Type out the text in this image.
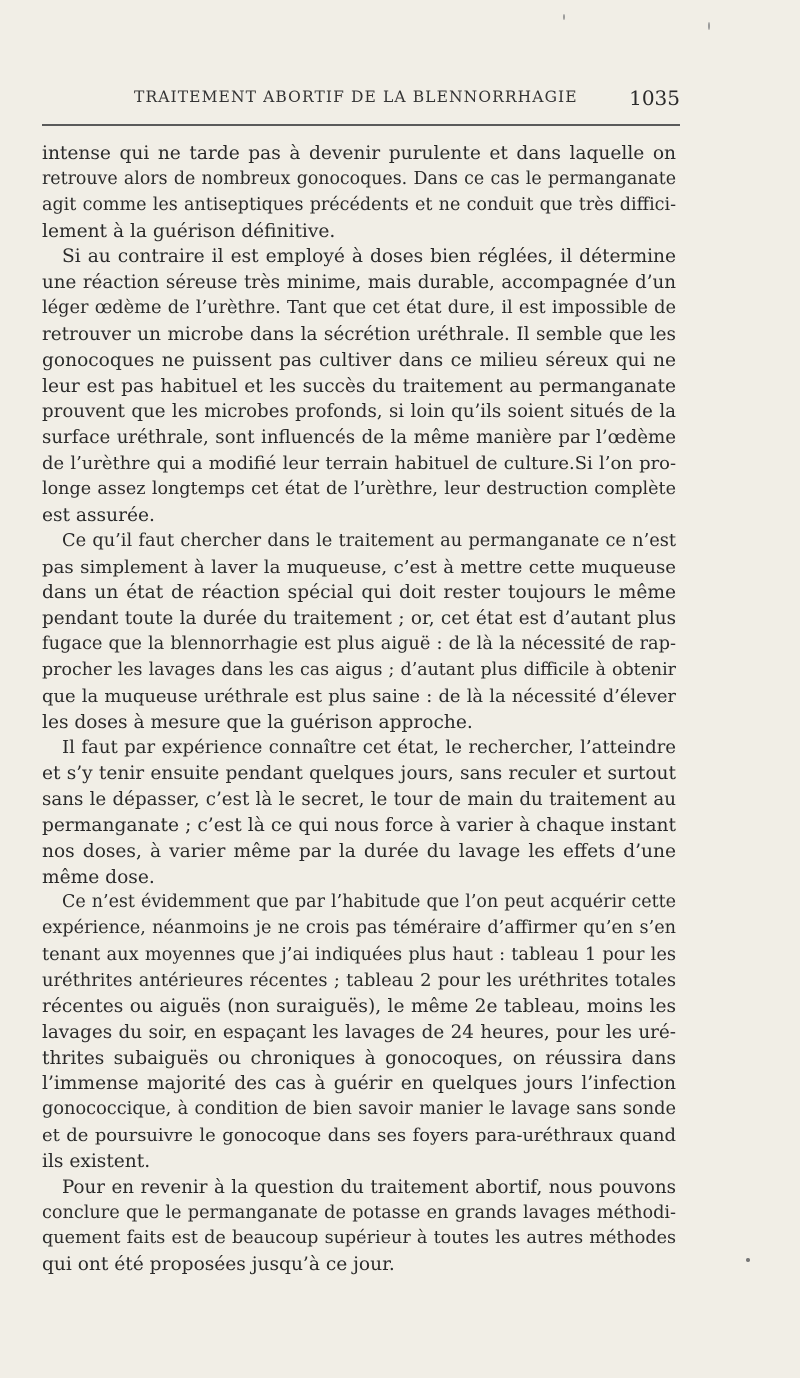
TRAITEMENT ABORTIF DE LA BLENNORRHAGIE	1035
intense qui ne tarde pas à devenir purulente et dans laquelle on
retrouve alors de nombreux gonocoques. Dans ce cas le permanganate
agit comme les antiseptiques précédents et ne conduit que très diffici-
lement à la guérison définitive.
Si au contraire il est employé à doses bien réglées, il détermine
une réaction séreuse très minime, mais durable, accompagnée d’un
léger œdème de l’urèthre. Tant que cet état dure, il est impossible de
retrouver un microbe dans la sécrétion uréthrale. Il semble que les
gonocoques ne puissent pas cultiver dans ce milieu séreux qui ne
leur est pas habituel et les succès du traitement au permanganate
prouvent que les microbes profonds, si loin qu’ils soient situés de la
surface uréthrale, sont influencés de la même manière par l’œdème
de l’urèthre qui a modifié leur terrain habituel de culture.Si l’on pro-
longe assez longtemps cet état de l’urèthre, leur destruction complète
est assurée.
Ce qu’il faut chercher dans le traitement au permanganate ce n’est
pas simplement à laver la muqueuse, c’est à mettre cette muqueuse
dans un état de réaction spécial qui doit rester toujours le même
pendant toute la durée du traitement ; or, cet état est d’autant plus
fugace que la blennorrhagie est plus aiguë : de là la nécessité de rap-
procher les lavages dans les cas aigus ; d’autant plus difficile à obtenir
que la muqueuse uréthrale est plus saine : de là la nécessité d’élever
les doses à mesure que la guérison approche.
Il faut par expérience connaître cet état, le rechercher, l’atteindre
et s’y tenir ensuite pendant quelques jours, sans reculer et surtout
sans le dépasser, c’est là le secret, le tour de main du traitement au
permanganate ; c’est là ce qui nous force à varier à chaque instant
nos doses, à varier même par la durée du lavage les effets d’une
même dose.
Ce n’est évidemment que par l’habitude que l’on peut acquérir cette
expérience, néanmoins je ne crois pas téméraire d’affirmer qu’en s’en
tenant aux moyennes que j’ai indiquées plus haut : tableau 1 pour les
uréthrites antérieures récentes ; tableau 2 pour les uréthrites totales
récentes ou aiguës (non suraiguës), le même 2e tableau, moins les
lavages du soir, en espaçant les lavages de 24 heures, pour les uré-
thrites subaiguës ou chroniques à gonocoques, on réussira dans
l’immense majorité des cas à guérir en quelques jours l’infection
gonococcique, à condition de bien savoir manier le lavage sans sonde
et de poursuivre le gonocoque dans ses foyers para-uréthraux quand
ils existent.
Pour en revenir à la question du traitement abortif, nous pouvons
conclure que le permanganate de potasse en grands lavages méthodi-
quement faits est de beaucoup supérieur à toutes les autres méthodes
qui ont été proposées jusqu’à ce jour.
